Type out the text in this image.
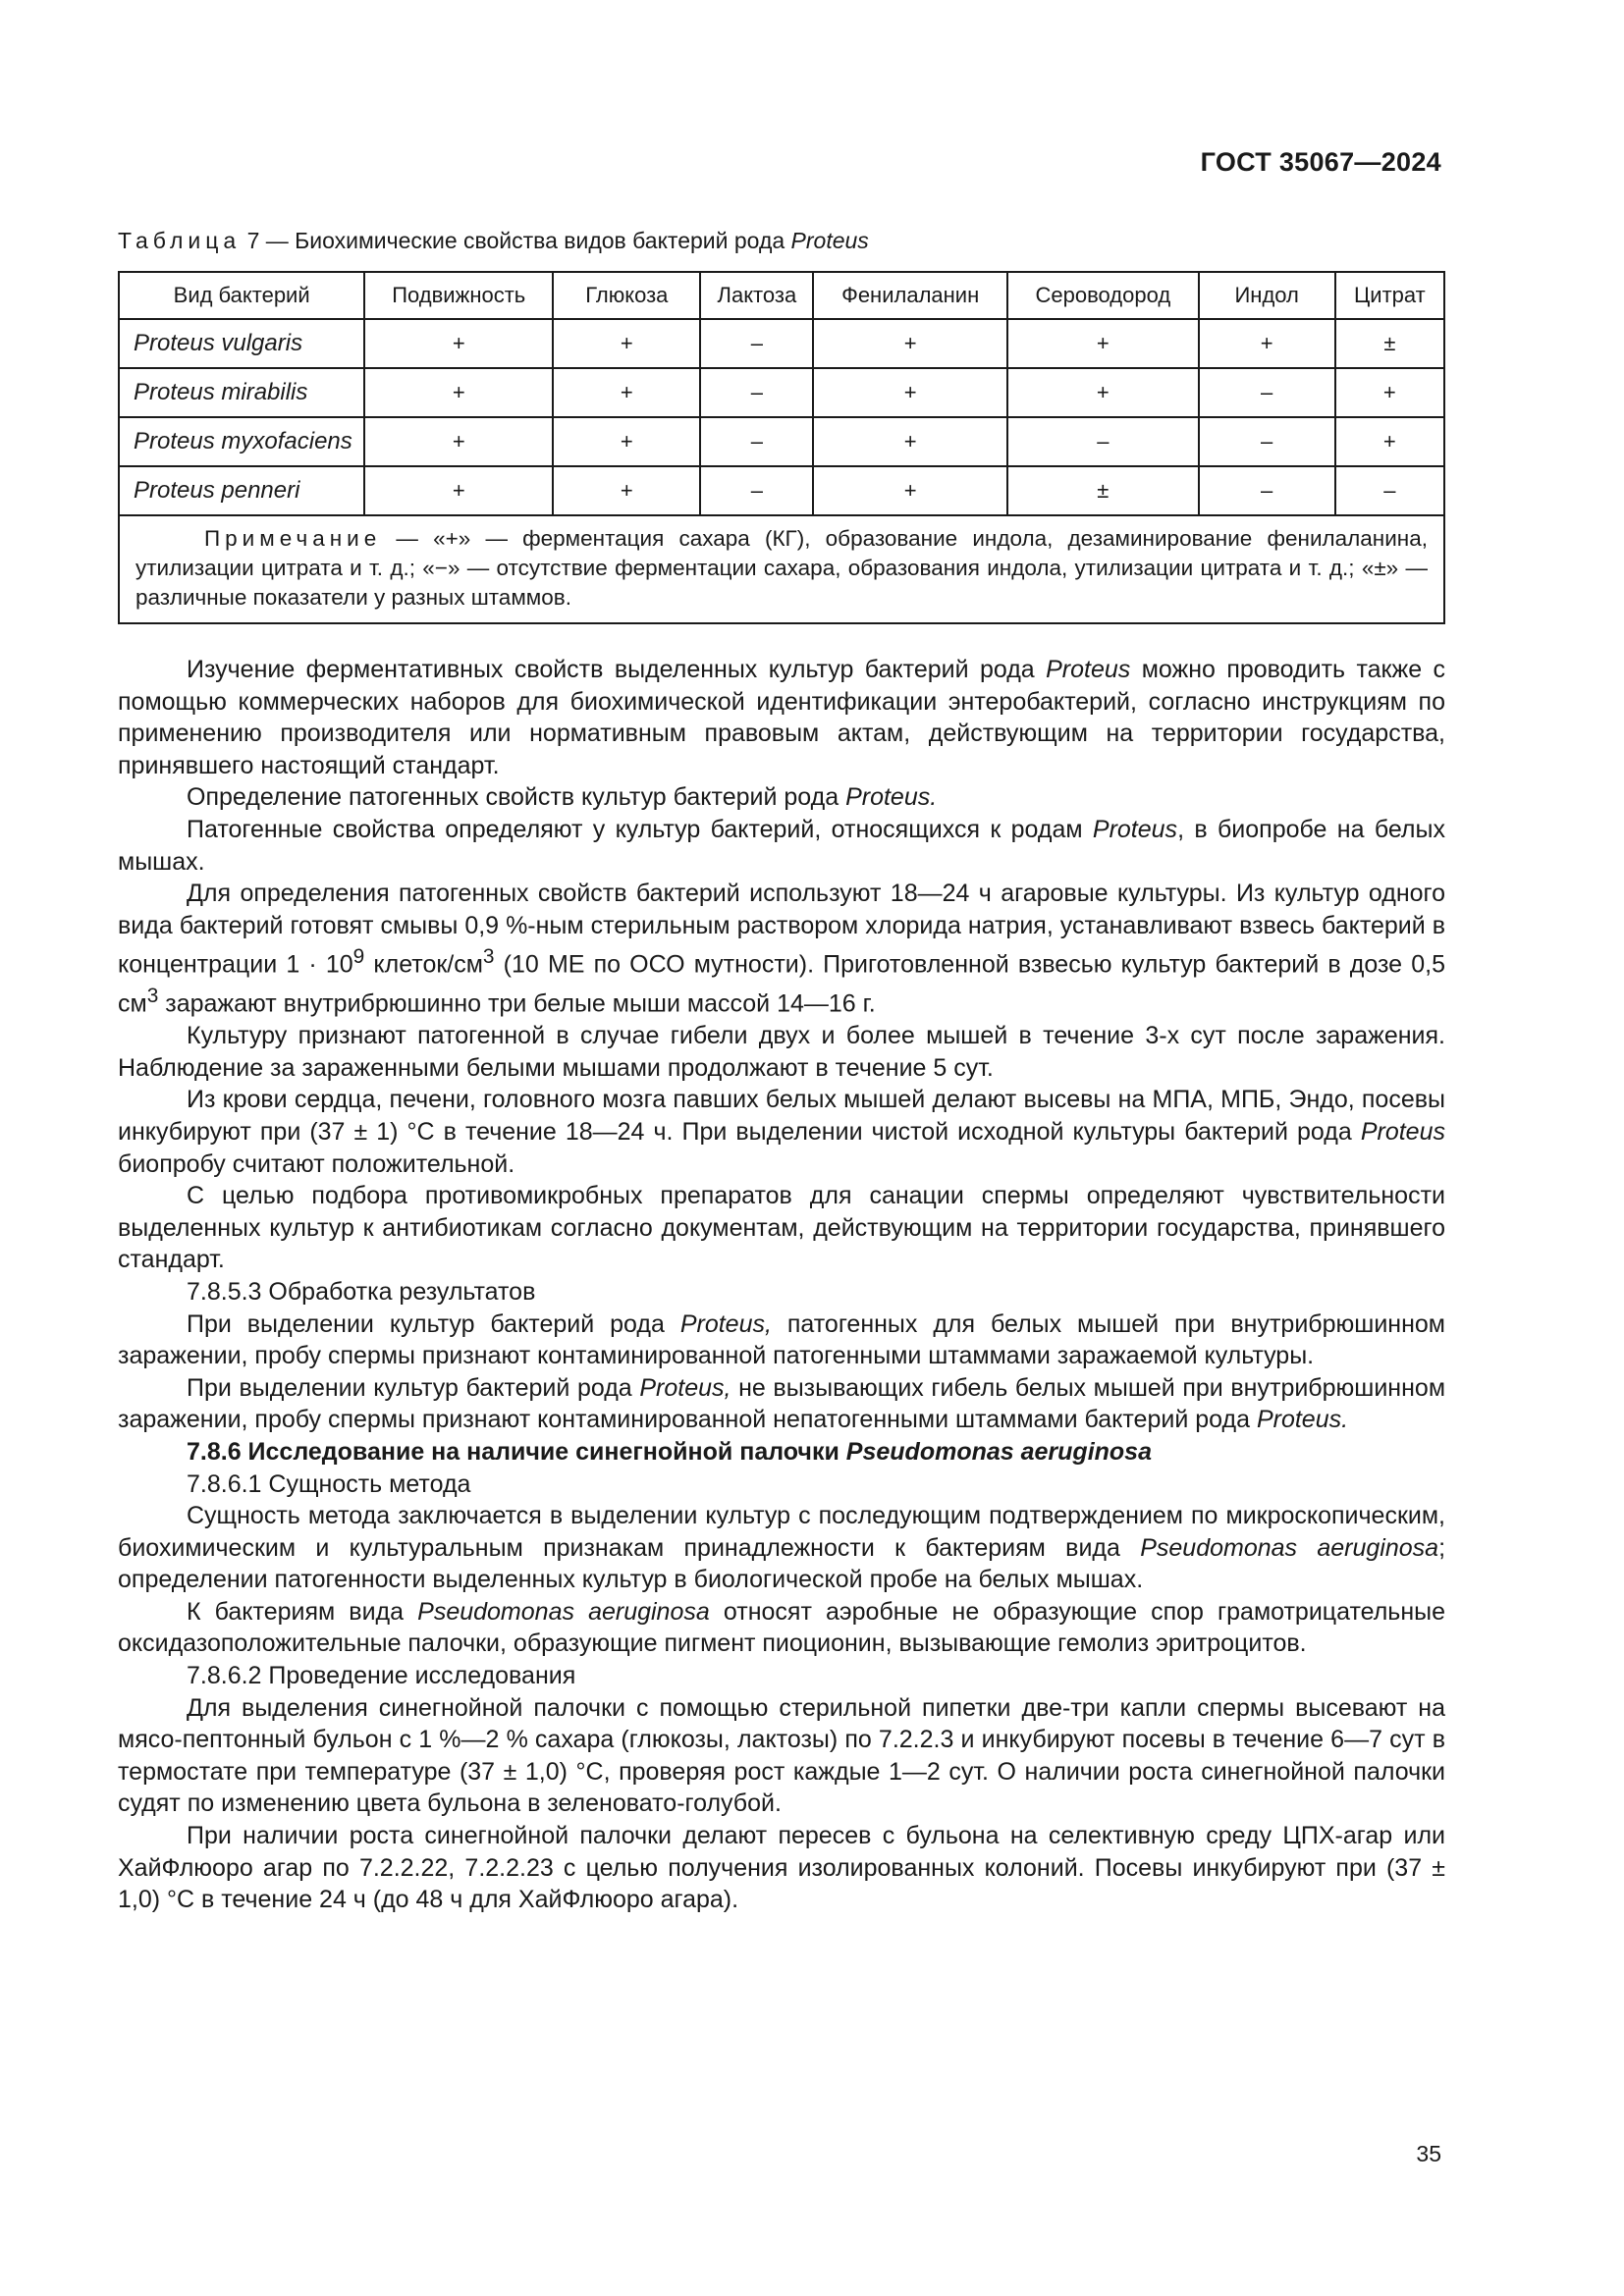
ГОСТ 35067—2024
Таблица 7 — Биохимические свойства видов бактерий рода Proteus
Вид бактерий	Подвижность	Глюкоза	Лактоза	Фенилаланин	Сероводород	Индол	Цитрат
Proteus vulgaris	+	+	–	+	+	+	±
Proteus mirabilis	+	+	–	+	+	–	+
Proteus myxofaciens	+	+	–	+	–	–	+
Proteus penneri	+	+	–	+	±	–	–
Примечание — «+» — ферментация сахара (КГ), образование индола, дезаминирование фенилаланина, утилизации цитрата и т. д.; «−» — отсутствие ферментации сахара, образования индола, утилизации цитрата и т. д.; «±» — различные показатели у разных штаммов.							

Изучение ферментативных свойств выделенных культур бактерий рода Proteus можно проводить также с помощью коммерческих наборов для биохимической идентификации энтеробактерий, согласно инструкциям по применению производителя или нормативным правовым актам, действующим на территории государства, принявшего настоящий стандарт.

Определение патогенных свойств культур бактерий рода Proteus.

Патогенные свойства определяют у культур бактерий, относящихся к родам Proteus, в биопробе на белых мышах.

Для определения патогенных свойств бактерий используют 18—24 ч агаровые культуры. Из культур одного вида бактерий готовят смывы 0,9 %-ным стерильным раствором хлорида натрия, устанавливают взвесь бактерий в концентрации $1 \cdot 10^9$ клеток/$см^3$ (10 МЕ по ОСО мутности). Приготовленной взвесью культур бактерий в дозе 0,5 $см^3$ заражают внутрибрюшинно три белые мыши массой 14—16 г.

Культуру признают патогенной в случае гибели двух и более мышей в течение 3-х сут после заражения. Наблюдение за зараженными белыми мышами продолжают в течение 5 сут.

Из крови сердца, печени, головного мозга павших белых мышей делают высевы на МПА, МПБ, Эндо, посевы инкубируют при (37 ± 1) °C в течение 18—24 ч. При выделении чистой исходной культуры бактерий рода Proteus биопробу считают положительной.

С целью подбора противомикробных препаратов для санации спермы определяют чувствительности выделенных культур к антибиотикам согласно документам, действующим на территории государства, принявшего стандарт.

7.8.5.3 Обработка результатов

При выделении культур бактерий рода Proteus, патогенных для белых мышей при внутрибрюшинном заражении, пробу спермы признают контаминированной патогенными штаммами заражаемой культуры.

При выделении культур бактерий рода Proteus, не вызывающих гибель белых мышей при внутрибрюшинном заражении, пробу спермы признают контаминированной непатогенными штаммами бактерий рода Proteus.

7.8.6 Исследование на наличие синегнойной палочки Pseudomonas aeruginosa

7.8.6.1 Сущность метода

Сущность метода заключается в выделении культур с последующим подтверждением по микроскопическим, биохимическим и культуральным признакам принадлежности к бактериям вида Pseudomonas aeruginosa; определении патогенности выделенных культур в биологической пробе на белых мышах.

К бактериям вида Pseudomonas aeruginosa относят аэробные не образующие спор грамотрицательные оксидазоположительные палочки, образующие пигмент пиоционин, вызывающие гемолиз эритроцитов.

7.8.6.2 Проведение исследования

Для выделения синегнойной палочки с помощью стерильной пипетки две-три капли спермы высевают на мясо-пептонный бульон с 1 %—2 % сахара (глюкозы, лактозы) по 7.2.2.3 и инкубируют посевы в течение 6—7 сут в термостате при температуре (37 ± 1,0) °C, проверяя рост каждые 1—2 сут. О наличии роста синегнойной палочки судят по изменению цвета бульона в зеленовато-голубой.

При наличии роста синегнойной палочки делают пересев с бульона на селективную среду ЦПХ-агар или ХайФлюоро агар по 7.2.2.22, 7.2.2.23 с целью получения изолированных колоний. Посевы инкубируют при (37 ± 1,0) °C в течение 24 ч (до 48 ч для ХайФлюоро агара).

35
